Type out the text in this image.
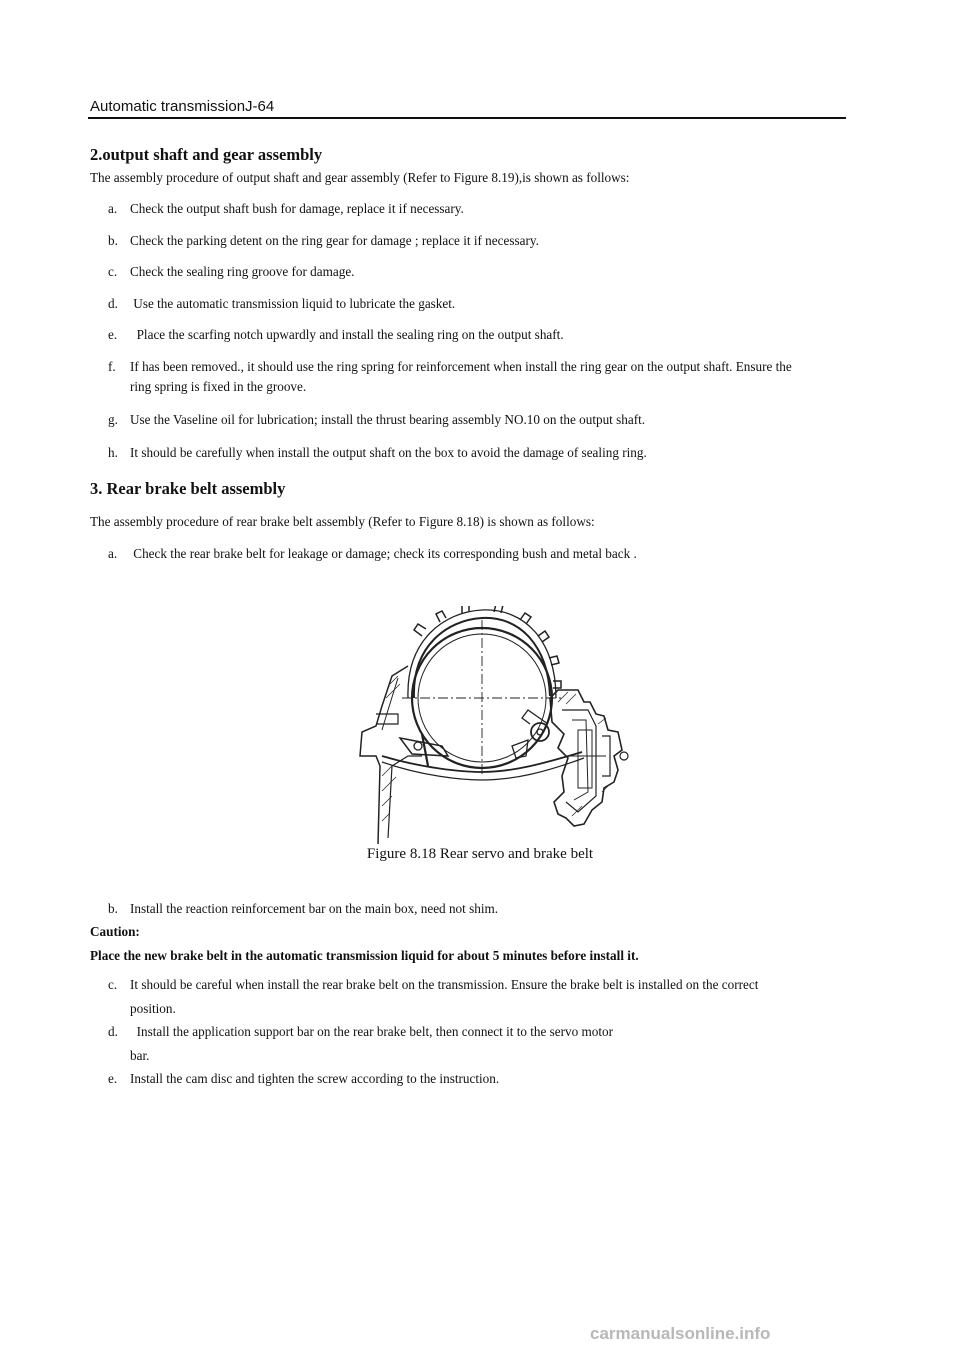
Automatic transmissionJ-64
2.output shaft and gear assembly
The assembly procedure of output shaft and gear assembly (Refer to Figure 8.19),is shown as follows:
a. Check the output shaft bush for damage, replace it if necessary.
b. Check the parking detent on the ring gear for damage ; replace it if necessary.
c. Check the sealing ring groove for damage.
d. Use the automatic transmission liquid to lubricate the gasket.
e.  Place the scarfing notch upwardly and install the sealing ring on the output shaft.
f. If has been removed., it should use the ring spring for reinforcement when install the ring gear on the output shaft. Ensure the
ring spring is fixed in the groove.
g. Use the Vaseline oil for lubrication; install the thrust bearing assembly NO.10 on the output shaft.
h. It should be carefully when install the output shaft on the box to avoid the damage of sealing ring.
3. Rear brake belt assembly
The assembly procedure of rear brake belt assembly (Refer to Figure 8.18) is shown as follows:
a. Check the rear brake belt for leakage or damage; check its corresponding bush and metal back .
Figure 8.18 Rear servo and brake belt
b. Install the reaction reinforcement bar on the main box, need not shim.
Caution:
Place the new brake belt in the automatic transmission liquid for about 5 minutes before install it.
c. It should be careful when install the rear brake belt on the transmission. Ensure the brake belt is installed on the correct
position.
d.  Install the application support bar on the rear brake belt, then connect it to the servo motor
bar.
e. Install the cam disc and tighten the screw according to the instruction.
carmanualsonline.info
